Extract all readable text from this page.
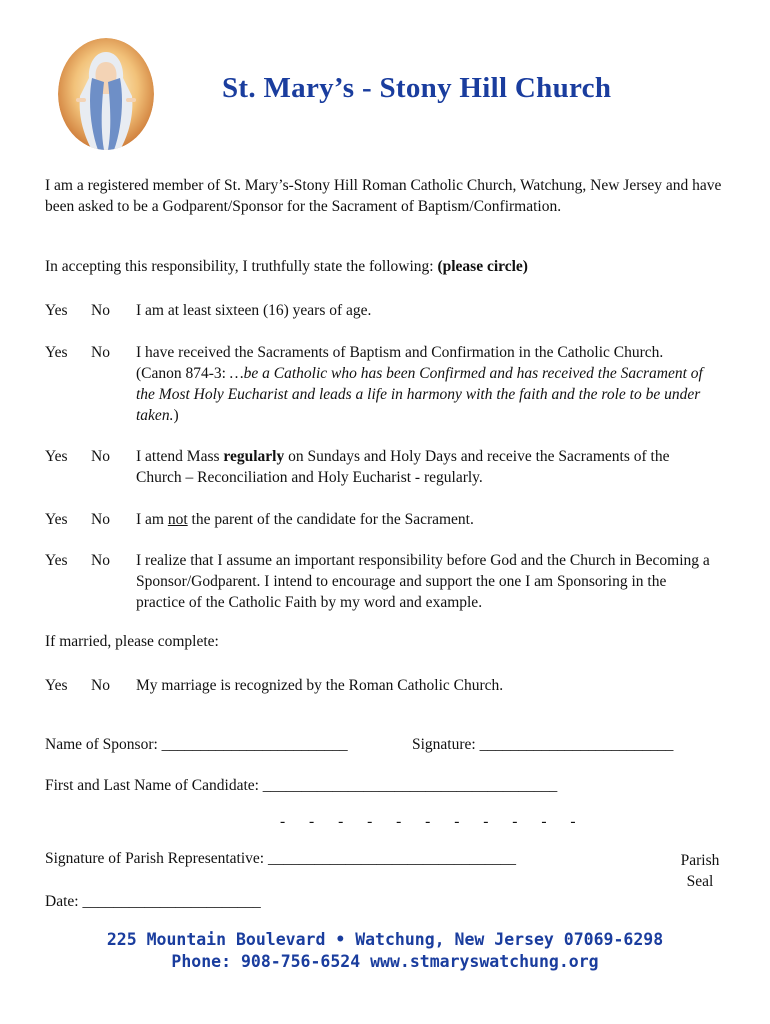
St. Mary’s - Stony Hill Church
I am a registered member of St. Mary’s-Stony Hill Roman Catholic Church, Watchung, New Jersey and have been asked to be a Godparent/Sponsor for the Sacrament of Baptism/Confirmation.
In accepting this responsibility, I truthfully state the following: (please circle)
Yes No I am at least sixteen (16) years of age.
Yes No I have received the Sacraments of Baptism and Confirmation in the Catholic Church. (Canon 874-3: …be a Catholic who has been Confirmed and has received the Sacrament of the Most Holy Eucharist and leads a life in harmony with the faith and the role to be under taken.)
Yes No I attend Mass regularly on Sundays and Holy Days and receive the Sacraments of the Church – Reconciliation and Holy Eucharist - regularly.
Yes No I am not the parent of the candidate for the Sacrament.
Yes No I realize that I assume an important responsibility before God and the Church in Becoming a Sponsor/Godparent. I intend to encourage and support the one I am Sponsoring in the practice of the Catholic Faith by my word and example.
If married, please complete:
Yes No My marriage is recognized by the Roman Catholic Church.
Name of Sponsor: ________________________	Signature: _________________________
First and Last Name of Candidate: ______________________________________
- - - - - - - - - - -
Signature of Parish Representative: ________________________________	Parish
Seal
Date: _______________________
225 Mountain Boulevard • Watchung, New Jersey 07069-6298
Phone: 908-756-6524 www.stmaryswatchung.org
